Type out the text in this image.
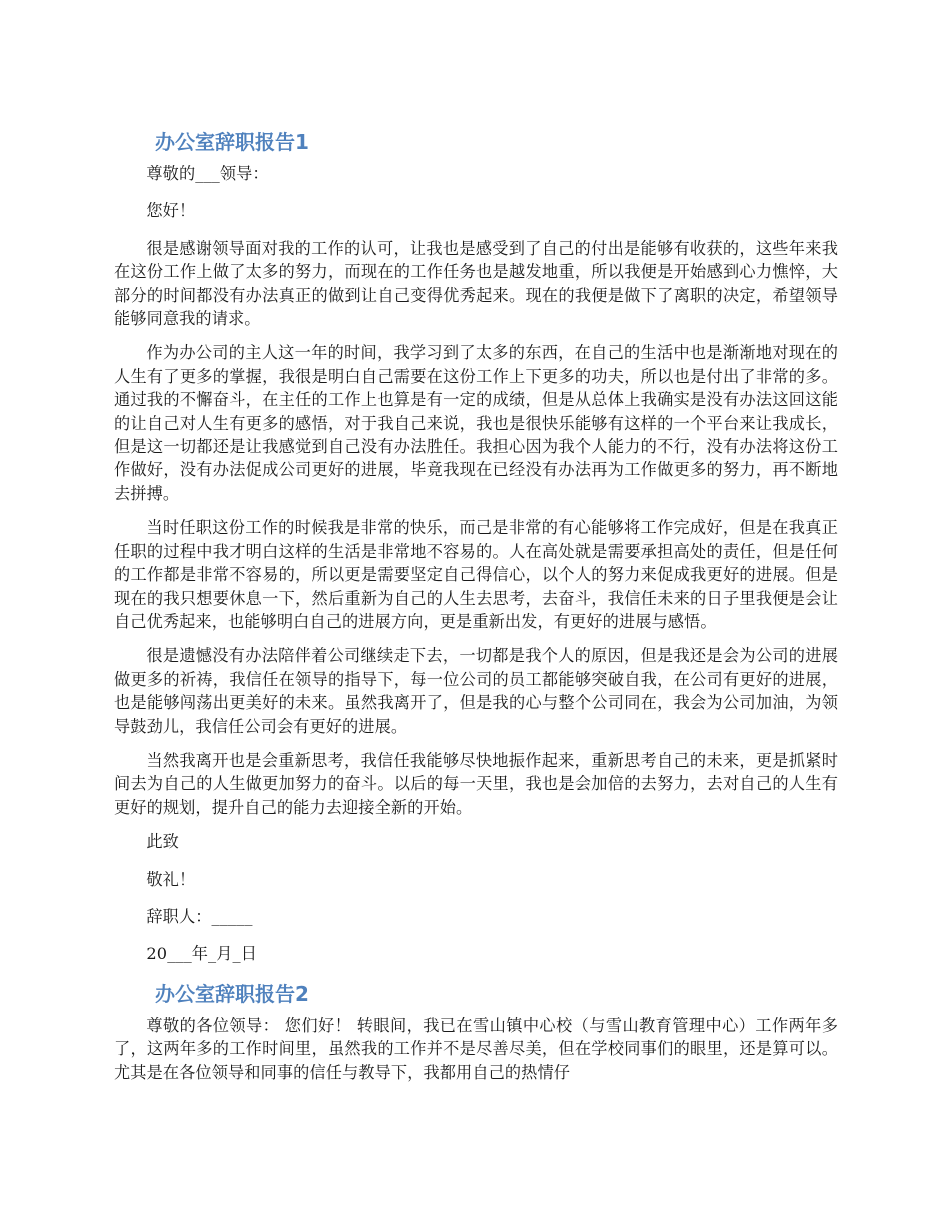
办公室辞职报告1

尊敬的___领导：

您好！

很是感谢领导面对我的工作的认可，让我也是感受到了自己的付出是能够有收获的，这些年来我在这份工作上做了太多的努力，而现在的工作任务也是越发地重，所以我便是开始感到心力憔悴，大部分的时间都没有办法真正的做到让自己变得优秀起来。现在的我便是做下了离职的决定，希望领导能够同意我的请求。

作为办公司的主人这一年的时间，我学习到了太多的东西，在自己的生活中也是渐渐地对现在的人生有了更多的掌握，我很是明白自己需要在这份工作上下更多的功夫，所以也是付出了非常的多。通过我的不懈奋斗，在主任的工作上也算是有一定的成绩，但是从总体上我确实是没有办法这回这能的让自己对人生有更多的感悟，对于我自己来说，我也是很快乐能够有这样的一个平台来让我成长，但是这一切都还是让我感觉到自己没有办法胜任。我担心因为我个人能力的不行，没有办法将这份工作做好，没有办法促成公司更好的进展，毕竟我现在已经没有办法再为工作做更多的努力，再不断地去拼搏。

当时任职这份工作的时候我是非常的快乐，而己是非常的有心能够将工作完成好，但是在我真正任职的过程中我才明白这样的生活是非常地不容易的。人在高处就是需要承担高处的责任，但是任何的工作都是非常不容易的，所以更是需要坚定自己得信心，以个人的努力来促成我更好的进展。但是现在的我只想要休息一下，然后重新为自己的人生去思考，去奋斗，我信任未来的日子里我便是会让自己优秀起来，也能够明白自己的进展方向，更是重新出发，有更好的进展与感悟。

很是遗憾没有办法陪伴着公司继续走下去，一切都是我个人的原因，但是我还是会为公司的进展做更多的祈祷，我信任在领导的指导下，每一位公司的员工都能够突破自我，在公司有更好的进展，也是能够闯荡出更美好的未来。虽然我离开了，但是我的心与整个公司同在，我会为公司加油，为领导鼓劲儿，我信任公司会有更好的进展。

当然我离开也是会重新思考，我信任我能够尽快地振作起来，重新思考自己的未来，更是抓紧时间去为自己的人生做更加努力的奋斗。以后的每一天里，我也是会加倍的去努力，去对自己的人生有更好的规划，提升自己的能力去迎接全新的开始。

此致

敬礼！

辞职人：_____

20___年_月_日

办公室辞职报告2

尊敬的各位领导： 您们好！ 转眼间，我已在雪山镇中心校（与雪山教育管理中心）工作两年多了，这两年多的工作时间里，虽然我的工作并不是尽善尽美，但在学校同事们的眼里，还是算可以。尤其是在各位领导和同事的信任与教导下，我都用自己的热情仔
